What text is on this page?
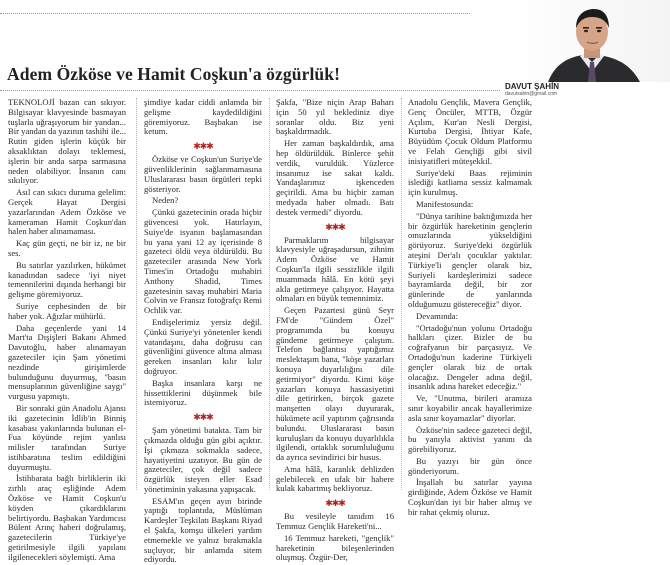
Adem Özköse ve Hamit Coşkun'a özgürlük!
DAVUT ŞAHİN
davutsahin@gmail.com

TEKNOLOJİ bazan can sıkıyor. Bilgisayar klavyesinde basmayan tuşlarla uğraşıyorum bir yandan... Bir yandan da yazının tashihi ile... Rutin giden işlerin küçük bir aksaklıktan dolayı teklemesi, işlerin bir anda sarpa sarmasına neden olabiliyor. İnsanın canı sıkılıyor.

Asıl can sıkıcı duruma gelelim: Gerçek Hayat Dergisi yazarlarından Adem Özköse ve kameraman Hamit Coşkun'dan halen haber alınamaması.

Kaç gün geçti, ne bir iz, ne bir ses.

Bu satırlar yazılırken, hükümet kanadından sadece 'iyi niyet temennilerini dışında herhangi bir gelişme göremiyoruz.

Suriye cephesinden de bir haber yok. Ağızlar mühürlü.

Daha geçenlerde yani 14 Mart'ta Dışişleri Bakanı Ahmed Davutoğlu, haber alınamayan gazeteciler için Şam yönetimi nezdinde girişimlerde bulunduğunu duyurmuş, "basın mensuplarının güvenliğine saygı" vurgusu yapmıştı.

Bir sonraki gün Anadolu Ajansı iki gazetecinin İdlib'in Binniş kasabası yakınlarında bulunan el-Fua köyünde rejim yanlısı milisler tarafından Suriye istihbaratına teslim edildiğini duyurmuştu.

İstihbarata bağlı birliklerin iki zırhlı araç eşliğinde Adem Özköse ve Hamit Coşkun'u köyden çıkardıklarını belirtiyordu. Başbakan Yardımcısı Bülent Arınç haberi doğrulamış, gazetecilerin Türkiye'ye getirilmesiyle ilgili yapılanı ilgilenecekleri söylemişti. Ama

şimdiye kadar ciddi anlamda bir gelişme kaydedildiğini göremiyoruz. Başbakan ise ketum.

✱✱✱

Özköse ve Coşkun'un Suriye'de güvenliklerinin sağlanmamasına Uluslararası basın örgütleri tepki gösteriyor.

Neden?

Çünkü gazetecinin orada hiçbir güvencesi yok. Hatırlayın, Suiye'de isyanın başlamasından bu yana yani 12 ay içerisinde 8 gazeteci öldü veya öldürüldü. Bu gazeteciler arasında New York Times'in Ortadoğu muhabiri Anthony Shadid, Times gazetesinin savaş muhabiri Maria Colvin ve Fransız fotoğrafçı Remi Ochlik var.

Endişelerimiz yersiz değil. Çünkü Suriye'yi yönetenler kendi vatandaşını, daha doğrusu can güvenliğini güvence altına alması gereken insanları kılır kılır doğruyor.

Başka insanlara karşı ne hissettiklerini düşünmek bile istemiyoruz.

✱✱✱

Şam yönetimi batakta. Tam bir çıkmazda olduğu gün gibi açıktır. İşi çıkmaza sokmakla sadece, hayatiyetini uzatıyor. Bu gün de gazeteciler, çok değil sadece özgürlük isteyen eller Esad yönetiminin yakasına yapışacak.

ESAM'ın geçen ayın birinde yaptığı toplantıda, Müslüman Kardeşler Teşkilatı Başkanı Riyad el Şakfa, komşu ülkeleri yardım etmemekle ve yalnız bırakmakla suçluyor, bir anlamda sitem ediyordu.

Şakfa, "Bize niçin Arap Baharı için 50 yıl beklediniz diye soranlar oldu. Biz yeni başkaldırmadık.

Her zaman başkaldırdık, ama hep öldürüldük. Binlerce şehit verdik, vuruldük. Yüzlerce insanımız ise sakat kaldı. Yandaşlarımız işkenceden geçirildi. Ama bu hiçbir zaman medyada haber olmadı. Batı destek vermedi" diyordu.

✱✱✱

Parmaklarım bilgisayar klavyesiyle uğraşadursun, zihnim Adem Özköse ve Hamit Coşkun'la ilgili sessizlikle ilgili muammada hâlâ. En kötü şeyi akla getirmeye çalışıyor. Hayatta olmaları en büyük temennimiz.

Geçen Pazartesi günü Seyr FM'de "Gündem Özel" programımda bu konuyu gündeme getirmeye çalıştım. Telefon bağlantısı yaptığımız meslektaşım bana, "köşe yazarları konuya duyarlılığını dile getirmiyor" diyordu. Kimi köşe yazarları konuya hassasiyetini dile getirirken, birçok gazete manşetten olayı duyurarak, hükümete acil yaptırım çağrısında bulundu. Uluslararası basın kuruluşları da konuyu duyarlılıkla ilgilendi, ortaklık sorumluluğunu da ayrıca sevindirici bir husus.

Ama hâlâ, karanlık dehlizden gelebilecek en ufak bir habere kulak kabartmış bekliyoruz.

✱✱✱

Bu vesileyle tanıdım 16 Temmuz Gençlik Hareketi'ni...

16 Temmuz hareketi, "gençlik" hareketinin bileşenlerinden oluşmuş. Özgür-Der,

Anadolu Gençlik, Mavera Gençlik, Genç Öncüler, MTTB, Özgür Açılım, Kur'an Nesli Dergisi, Kurtuba Dergisi, İhtiyar Kafe, Büyüdüm Çocuk Oldum Platformu ve Felah Gençliği gibi sivil inisiyatifleri müteşekkil.

Suriye'deki Baas rejiminin islediği katliama sessiz kalmamak için kurulmuş.

Manifestosunda:

"Dünya tarihine baktığımızda her bir özgürlük hareketinin gençlerin omuzlarında yükseldiğini görüyoruz. Suriye'deki özgürlük ateşini Der'alı çocuklar yaktılar. Türkiye'li gençler olarak biz, Suriyeli kardeşlerimizi sadece bayramlarda değil, bir zor günlerinde de yanlarında olduğumuzu göstereceğiz" diyor.

Devamında:

"Ortadoğu'nun yolunu Ortadoğu halkları çizer. Bizler de bu coğrafyanın bir parçasıyız. Ve Ortadoğu'nun kaderine Türkiyeli gençler olarak biz de ortak olacağız. Dengeler adına değil, insanlık adına hareket edeceğiz."

Ve, "Unutma, birileri aramıza sınır koyabilir ancak hayallerimize asla sınır koyamazlar" diyorlar.

Özköse'nin sadece gazeteci değil, bu yanıyla aktivist yanını da görebiliyoruz.

Bu yazıyı bir gün önce gönderiyorum.

İnşallah bu satırlar yayına girdiğinde, Adem Özköse ve Hamit Coşkun'dan iyi bir haber almış ve bir rahat çekmiş oluruz.
